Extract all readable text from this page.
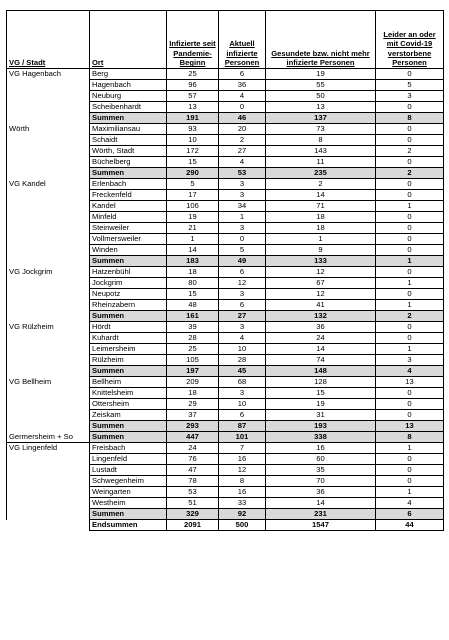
VG / Stadt	Ort	Infizierte seit Pandemie-Beginn	Aktuell infizierte Personen	Gesundete bzw. nicht mehr infizierte Personen	Leider an oder mit Covid-19 verstorbene Personen
VG Hagenbach	Berg	25	6	19	0
	Hagenbach	96	36	55	5
	Neuburg	57	4	50	3
	Scheibenhardt	13	0	13	0
	Summen	191	46	137	8
Wörth	Maximiliansau	93	20	73	0
	Schaidt	10	2	8	0
	Wörth, Stadt	172	27	143	2
	Büchelberg	15	4	11	0
	Summen	290	53	235	2
VG Kandel	Erlenbach	5	3	2	0
	Freckenfeld	17	3	14	0
	Kandel	106	34	71	1
	Minfeld	19	1	18	0
	Steinweiler	21	3	18	0
	Vollmersweiler	1	0	1	0
	Winden	14	5	9	0
	Summen	183	49	133	1
VG Jockgrim	Hatzenbühl	18	6	12	0
	Jockgrim	80	12	67	1
	Neupotz	15	3	12	0
	Rheinzabern	48	6	41	1
	Summen	161	27	132	2
VG Rülzheim	Hördt	39	3	36	0
	Kuhardt	28	4	24	0
	Leimersheim	25	10	14	1
	Rülzheim	105	28	74	3
	Summen	197	45	148	4
VG Bellheim	Bellheim	209	68	128	13
	Knittelsheim	18	3	15	0
	Ottersheim	29	10	19	0
	Zeiskam	37	6	31	0
	Summen	293	87	193	13
Germersheim + So	Summen	447	101	338	8
VG Lingenfeld	Freisbach	24	7	16	1
	Lingenfeld	76	16	60	0
	Lustadt	47	12	35	0
	Schwegenheim	78	8	70	0
	Weingarten	53	16	36	1
	Westheim	51	33	14	4
	Summen	329	92	231	6
	Endsummen	2091	500	1547	44
